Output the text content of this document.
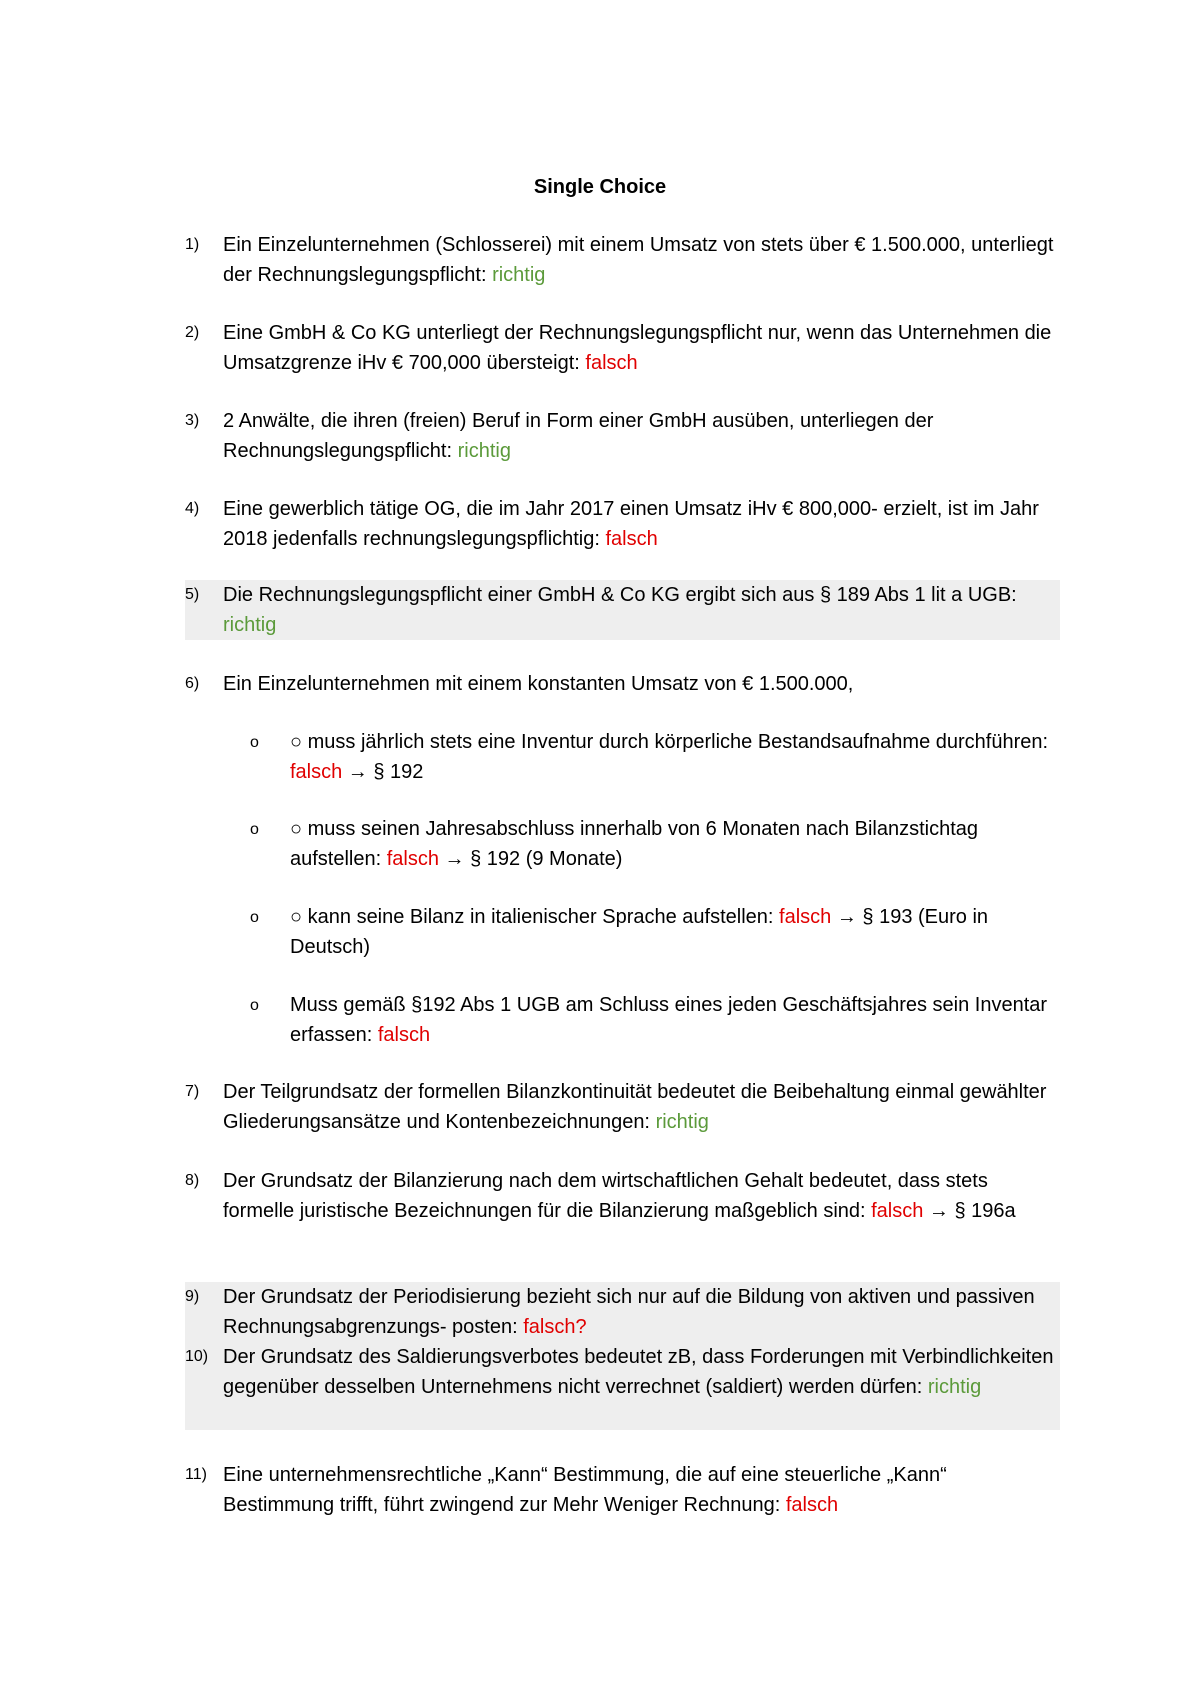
Single Choice
1)	Ein Einzelunternehmen (Schlosserei) mit einem Umsatz von stets über € 1.500.000, unterliegt der Rechnungslegungspflicht: richtig
2)	Eine GmbH & Co KG unterliegt der Rechnungslegungspflicht nur, wenn das Unternehmen die Umsatzgrenze iHv € 700,000 übersteigt: falsch
3)	2 Anwälte, die ihren (freien) Beruf in Form einer GmbH ausüben, unterliegen der Rechnungslegungspflicht: richtig
4)	Eine gewerblich tätige OG, die im Jahr 2017 einen Umsatz iHv € 800,000- erzielt, ist im Jahr 2018 jedenfalls rechnungslegungspflichtig: falsch
5)	Die Rechnungslegungspflicht einer GmbH & Co KG ergibt sich aus § 189 Abs 1 lit a UGB: richtig
6)	Ein Einzelunternehmen mit einem konstanten Umsatz von € 1.500.000,
o	○ muss jährlich stets eine Inventur durch körperliche Bestandsaufnahme durchführen: falsch → § 192
o	○ muss seinen Jahresabschluss innerhalb von 6 Monaten nach Bilanzstichtag aufstellen: falsch → § 192 (9 Monate)
o	○ kann seine Bilanz in italienischer Sprache aufstellen: falsch → § 193 (Euro in Deutsch)
o	Muss gemäß §192 Abs 1 UGB am Schluss eines jeden Geschäftsjahres sein Inventar erfassen: falsch
7)	Der Teilgrundsatz der formellen Bilanzkontinuität bedeutet die Beibehaltung einmal gewählter Gliederungsansätze und Kontenbezeichnungen: richtig
8)	Der Grundsatz der Bilanzierung nach dem wirtschaftlichen Gehalt bedeutet, dass stets formelle juristische Bezeichnungen für die Bilanzierung maßgeblich sind: falsch → § 196a
9)	Der Grundsatz der Periodisierung bezieht sich nur auf die Bildung von aktiven und passiven Rechnungsabgrenzungs- posten: falsch?
10) Der Grundsatz des Saldierungsverbotes bedeutet zB, dass Forderungen mit Verbindlichkeiten gegenüber desselben Unternehmens nicht verrechnet (saldiert) werden dürfen: richtig
11) Eine unternehmensrechtliche „Kann“ Bestimmung, die auf eine steuerliche „Kann“ Bestimmung trifft, führt zwingend zur Mehr Weniger Rechnung: falsch
